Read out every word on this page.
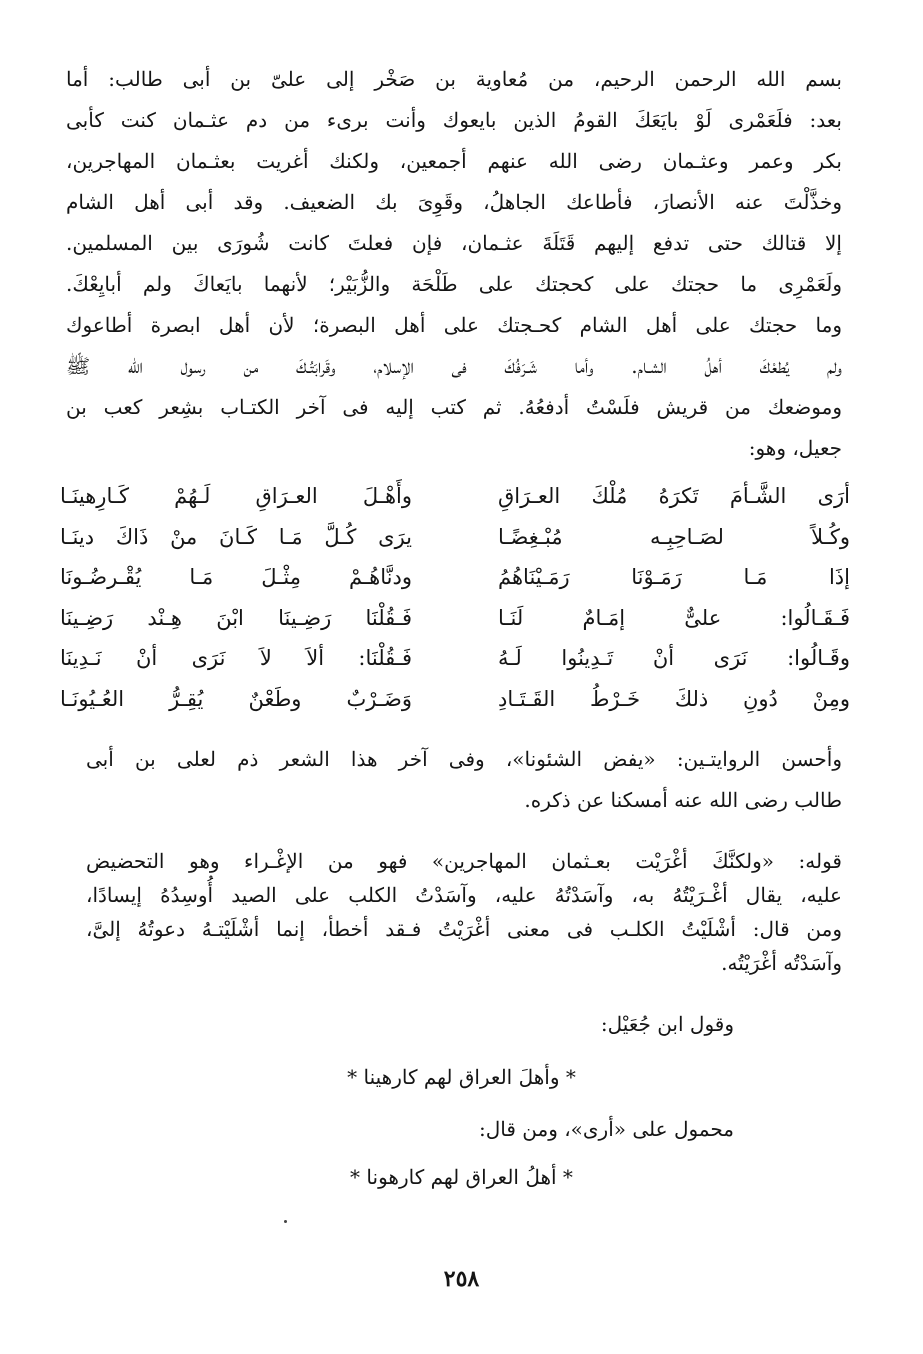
بسم الله الرحمن الرحيم، من مُعاوية بن صَخْر إلى علىّ بن أبى طالب: أما
بعد: فلَعَمْرى لَوْ بايَعَكَ القومُ الذين بايعوك وأنت برىء من دم عثـمان كنت كأبى
بكر وعمر وعثـمان رضى الله عنهم أجمعين، ولكنك أغريت بعثـمان المهاجرين،
وخذَّلْتَ عنه الأنصارَ، فأطاعك الجاهلُ، وقَوِىَ بك الضعيف. وقد أبى أهل الشام
إلا قتالك حتى تدفع إليهم قَتَلَةَ عثـمان، فإن فعلتَ كانت شُورَى بين المسلمين.
ولَعَمْرِى ما حجتك على كحجتك على طَلْحَة والزُّبَيْر؛ لأنهما بايَعاكَ ولم أبايِعْكَ.
وما حجتك على أهل الشام كحـجتك على أهل البصرة؛ لأن أهل ابصرة أطاعوك
ولم يُطعْكَ أهلُ الشـام. وأما شَـرَفُكَ فى الإسلام، وقَرابَتُـكَ من رسول الله ﷺ
وموضعك من قريش فلَسْتُ أدفعُهُ. ثم كتب إليه فى آخر الكتـاب بشِعر كعب بن
جعيل، وهو:
أرَى الشَّـأمَ تَكرَهُ مُلْكَ العـرَاقِ
وأَهْـلَ العـرَاقِ لَـهُمْ كَـارِهينَـا
وكُـلاً لصَـاحِبِـه مُبْـغِضًـا
يرَى كُـلَّ مَـا كَـانَ منْ ذَاكَ دينَـا
إذَا مَـا رَمَـوْنَا رَمَـيْنَاهُمُ
ودنَّاهُـمْ مِثْـلَ مَـا يُقْـرضُـونَا
فَـقَـالُوا: علىٌّ إمَـامٌ لَنَـا
فَـقُلْنَا رَضِـينَا ابْنَ هِـنْد رَضِـينَا
وقَـالُوا: نَرَى أنْ تَـدِينُوا لَـهُ
فَـقُلْنَا: ألاَ لاَ نَرَى أنْ نَـدِينَا
ومِنْ دُونِ ذلكَ خَـرْطُ القَـتَـادِ
وَضَـرْبٌ وطَعْنٌ يُقِـرُّ العُـيُونَـا
وأحسن الروايتـين: «يفض الشئونا»، وفى آخر هذا الشعر ذم لعلى بن أبى
طالب رضى الله عنه أمسكنا عن ذكره.
قوله: «ولكنَّكَ أغْرَيْت بعـثمان المهاجرين» فهو من الإغْـراء وهو التحضيض
عليه، يقال أغْـرَيْتُهُ به، وآسَدْتُهُ عليه، وآسَدْتُ الكلب على الصيد أُوسِدُهُ إيسادًا،
ومن قال: أشْلَيْتُ الكلـب فى معنى أغْرَيْتُ فـقد أخطأ، إنما أشْلَيْتـهُ دعوتُهُ إلىَّ،
وآسَدْتُه أغْرَيْتُه.

وقول ابن جُعَيْل:

* وأهلَ العراق لهم كارهينا *

محمول على «أرى»، ومن قال:

* أهلُ العراق لهم كارهونا *

٢٥٨
